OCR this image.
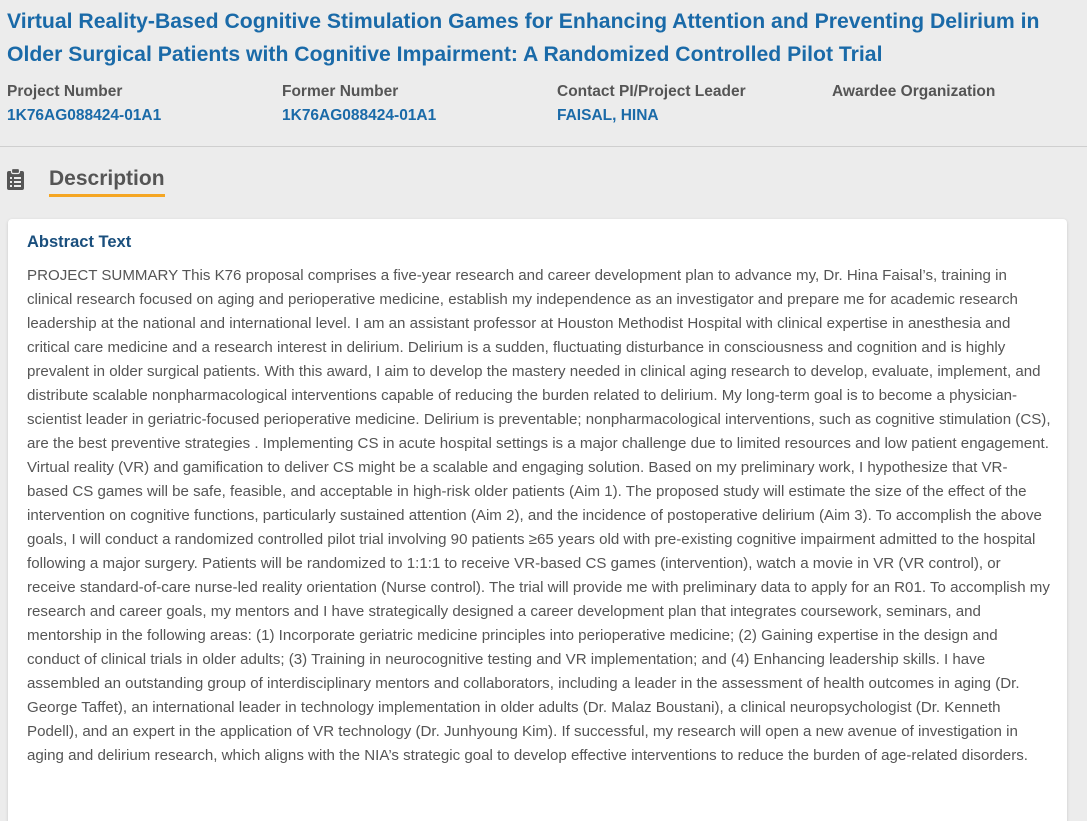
Virtual Reality-Based Cognitive Stimulation Games for Enhancing Attention and Preventing Delirium in Older Surgical Patients with Cognitive Impairment: A Randomized Controlled Pilot Trial
Project Number
1K76AG088424-01A1
Former Number
1K76AG088424-01A1
Contact PI/Project Leader
FAISAL, HINA
Awardee Organization
Description
Abstract Text

PROJECT SUMMARY This K76 proposal comprises a five-year research and career development plan to advance my, Dr. Hina Faisal’s, training in clinical research focused on aging and perioperative medicine, establish my independence as an investigator and prepare me for academic research leadership at the national and international level. I am an assistant professor at Houston Methodist Hospital with clinical expertise in anesthesia and critical care medicine and a research interest in delirium. Delirium is a sudden, fluctuating disturbance in consciousness and cognition and is highly prevalent in older surgical patients. With this award, I aim to develop the mastery needed in clinical aging research to develop, evaluate, implement, and distribute scalable nonpharmacological interventions capable of reducing the burden related to delirium. My long-term goal is to become a physician-scientist leader in geriatric-focused perioperative medicine. Delirium is preventable; nonpharmacological interventions, such as cognitive stimulation (CS), are the best preventive strategies . Implementing CS in acute hospital settings is a major challenge due to limited resources and low patient engagement. Virtual reality (VR) and gamification to deliver CS might be a scalable and engaging solution. Based on my preliminary work, I hypothesize that VR- based CS games will be safe, feasible, and acceptable in high-risk older patients (Aim 1). The proposed study will estimate the size of the effect of the intervention on cognitive functions, particularly sustained attention (Aim 2), and the incidence of postoperative delirium (Aim 3). To accomplish the above goals, I will conduct a randomized controlled pilot trial involving 90 patients ≥65 years old with pre-existing cognitive impairment admitted to the hospital following a major surgery. Patients will be randomized to 1:1:1 to receive VR-based CS games (intervention), watch a movie in VR (VR control), or receive standard-of-care nurse-led reality orientation (Nurse control). The trial will provide me with preliminary data to apply for an R01. To accomplish my research and career goals, my mentors and I have strategically designed a career development plan that integrates coursework, seminars, and mentorship in the following areas: (1) Incorporate geriatric medicine principles into perioperative medicine; (2) Gaining expertise in the design and conduct of clinical trials in older adults; (3) Training in neurocognitive testing and VR implementation; and (4) Enhancing leadership skills. I have assembled an outstanding group of interdisciplinary mentors and collaborators, including a leader in the assessment of health outcomes in aging (Dr. George Taffet), an international leader in technology implementation in older adults (Dr. Malaz Boustani), a clinical neuropsychologist (Dr. Kenneth Podell), and an expert in the application of VR technology (Dr. Junhyoung Kim). If successful, my research will open a new avenue of investigation in aging and delirium research, which aligns with the NIA’s strategic goal to develop effective interventions to reduce the burden of age-related disorders.
